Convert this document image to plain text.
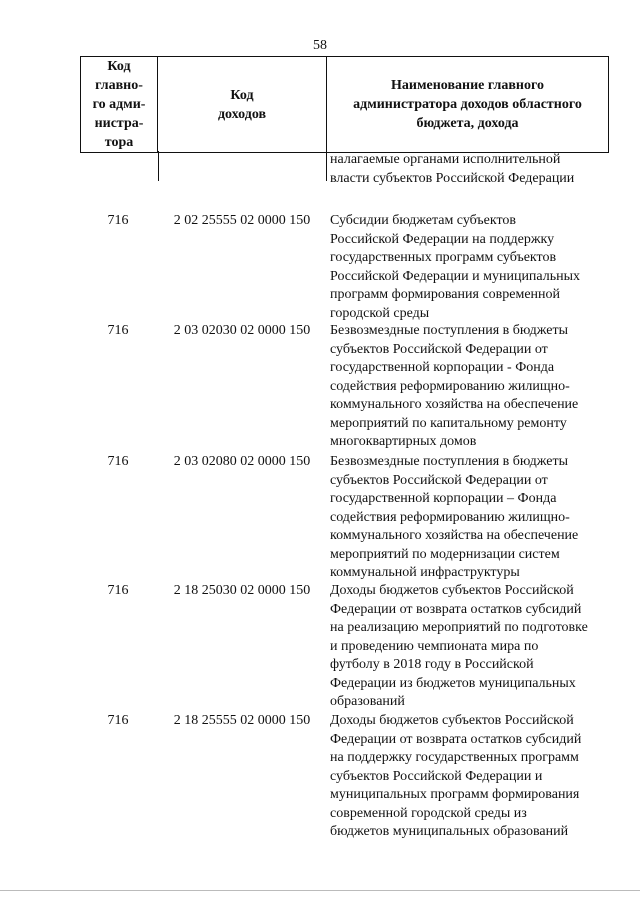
58
Код
главно-
го адми-
нистра-
тора

Код
доходов

Наименование главного
администратора доходов областного
бюджета, дохода
налагаемые органами исполнительной
власти субъектов Российской Федерации
716	2 02 25555 02 0000 150	Субсидии бюджетам субъектов
Российской Федерации на поддержку
государственных программ субъектов
Российской Федерации и муниципальных
программ формирования современной
городской среды
716	2 03 02030 02 0000 150	Безвозмездные поступления в бюджеты
субъектов Российской Федерации от
государственной корпорации - Фонда
содействия реформированию жилищно-
коммунального хозяйства на обеспечение
мероприятий по капитальному ремонту
многоквартирных домов
716	2 03 02080 02 0000 150	Безвозмездные поступления в бюджеты
субъектов Российской Федерации от
государственной корпорации – Фонда
содействия реформированию жилищно-
коммунального хозяйства на обеспечение
мероприятий по модернизации систем
коммунальной инфраструктуры
716	2 18 25030 02 0000 150	Доходы бюджетов субъектов Российской
Федерации от возврата остатков субсидий
на реализацию мероприятий по подготовке
и проведению чемпионата мира по
футболу в 2018 году в Российской
Федерации из бюджетов муниципальных
образований
716	2 18 25555 02 0000 150	Доходы бюджетов субъектов Российской
Федерации от возврата остатков субсидий
на поддержку государственных программ
субъектов Российской Федерации и
муниципальных программ формирования
современной городской среды из
бюджетов муниципальных образований
